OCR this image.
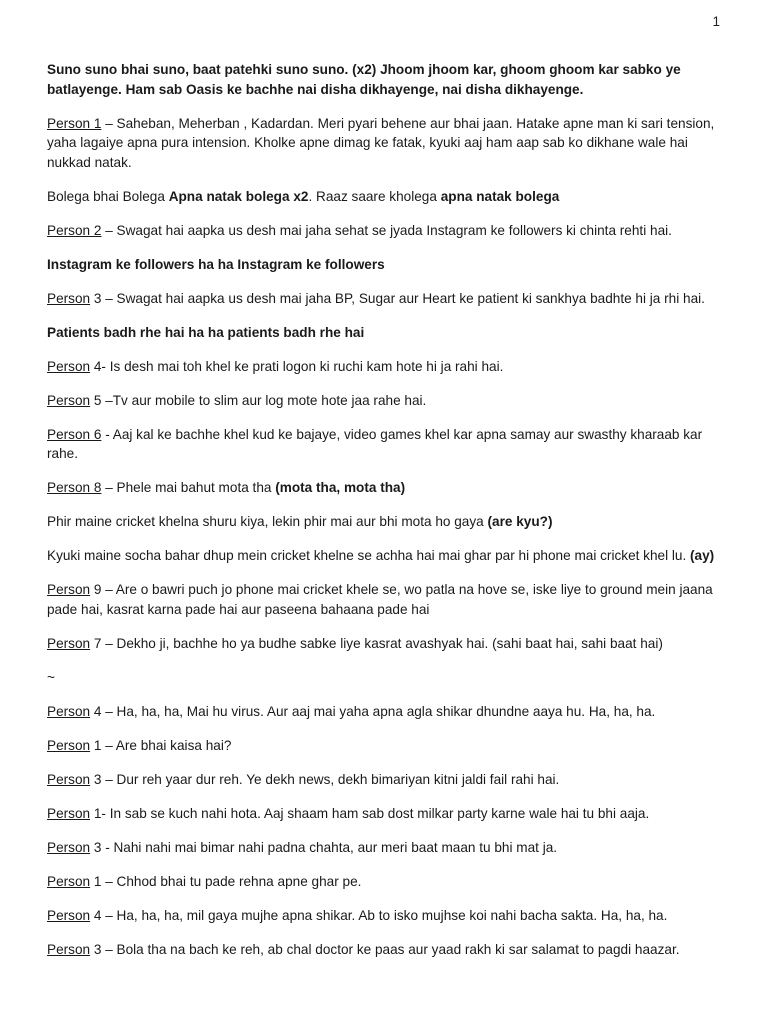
1

Suno suno bhai suno, baat patehki suno suno. (x2) Jhoom jhoom kar, ghoom ghoom kar sabko ye batlayenge. Ham sab Oasis ke bachhe nai disha dikhayenge, nai disha dikhayenge.

Person 1 – Saheban, Meherban , Kadardan. Meri pyari behene aur bhai jaan. Hatake apne man ki sari tension, yaha lagaiye apna pura intension. Kholke apne dimag ke fatak, kyuki aaj ham aap sab ko dikhane wale hai nukkad natak.

Bolega bhai Bolega Apna natak bolega x2. Raaz saare kholega apna natak bolega

Person 2 – Swagat hai aapka us desh mai jaha sehat se jyada Instagram ke followers ki chinta rehti hai.

Instagram ke followers ha ha Instagram ke followers

Person 3 – Swagat hai aapka us desh mai jaha BP, Sugar aur Heart ke patient ki sankhya badhte hi ja rhi hai.

Patients badh rhe hai ha ha patients badh rhe hai

Person 4- Is desh mai toh khel ke prati logon ki ruchi kam hote hi ja rahi hai.

Person 5 –Tv aur mobile to slim aur log mote hote jaa rahe hai.

Person 6 - Aaj kal ke bachhe khel kud ke bajaye, video games khel kar apna samay aur swasthy kharaab kar rahe.

Person 8 – Phele mai bahut mota tha (mota tha, mota tha)

Phir maine cricket khelna shuru kiya, lekin phir mai aur bhi mota ho gaya (are kyu?)

Kyuki maine socha bahar dhup mein cricket khelne se achha hai mai ghar par hi phone mai cricket khel lu. (ay)

Person 9 – Are o bawri puch jo phone mai cricket khele se, wo patla na hove se, iske liye to ground mein jaana pade hai, kasrat karna pade hai aur paseena bahaana pade hai

Person 7 – Dekho ji, bachhe ho ya budhe sabke liye kasrat avashyak hai. (sahi baat hai, sahi baat hai)

~

Person 4 – Ha, ha, ha, Mai hu virus. Aur aaj mai yaha apna agla shikar dhundne aaya hu. Ha, ha, ha.

Person 1 – Are bhai kaisa hai?

Person 3 – Dur reh yaar dur reh. Ye dekh news, dekh bimariyan kitni jaldi fail rahi hai.

Person 1- In sab se kuch nahi hota. Aaj shaam ham sab dost milkar party karne wale hai tu bhi aaja.

Person 3 - Nahi nahi mai bimar nahi padna chahta, aur meri baat maan tu bhi mat ja.

Person 1 – Chhod bhai tu pade rehna apne ghar pe.

Person 4 – Ha, ha, ha, mil gaya mujhe apna shikar. Ab to isko mujhse koi nahi bacha sakta. Ha, ha, ha.

Person 3 – Bola tha na bach ke reh, ab chal doctor ke paas aur yaad rakh ki sar salamat to pagdi haazar.
